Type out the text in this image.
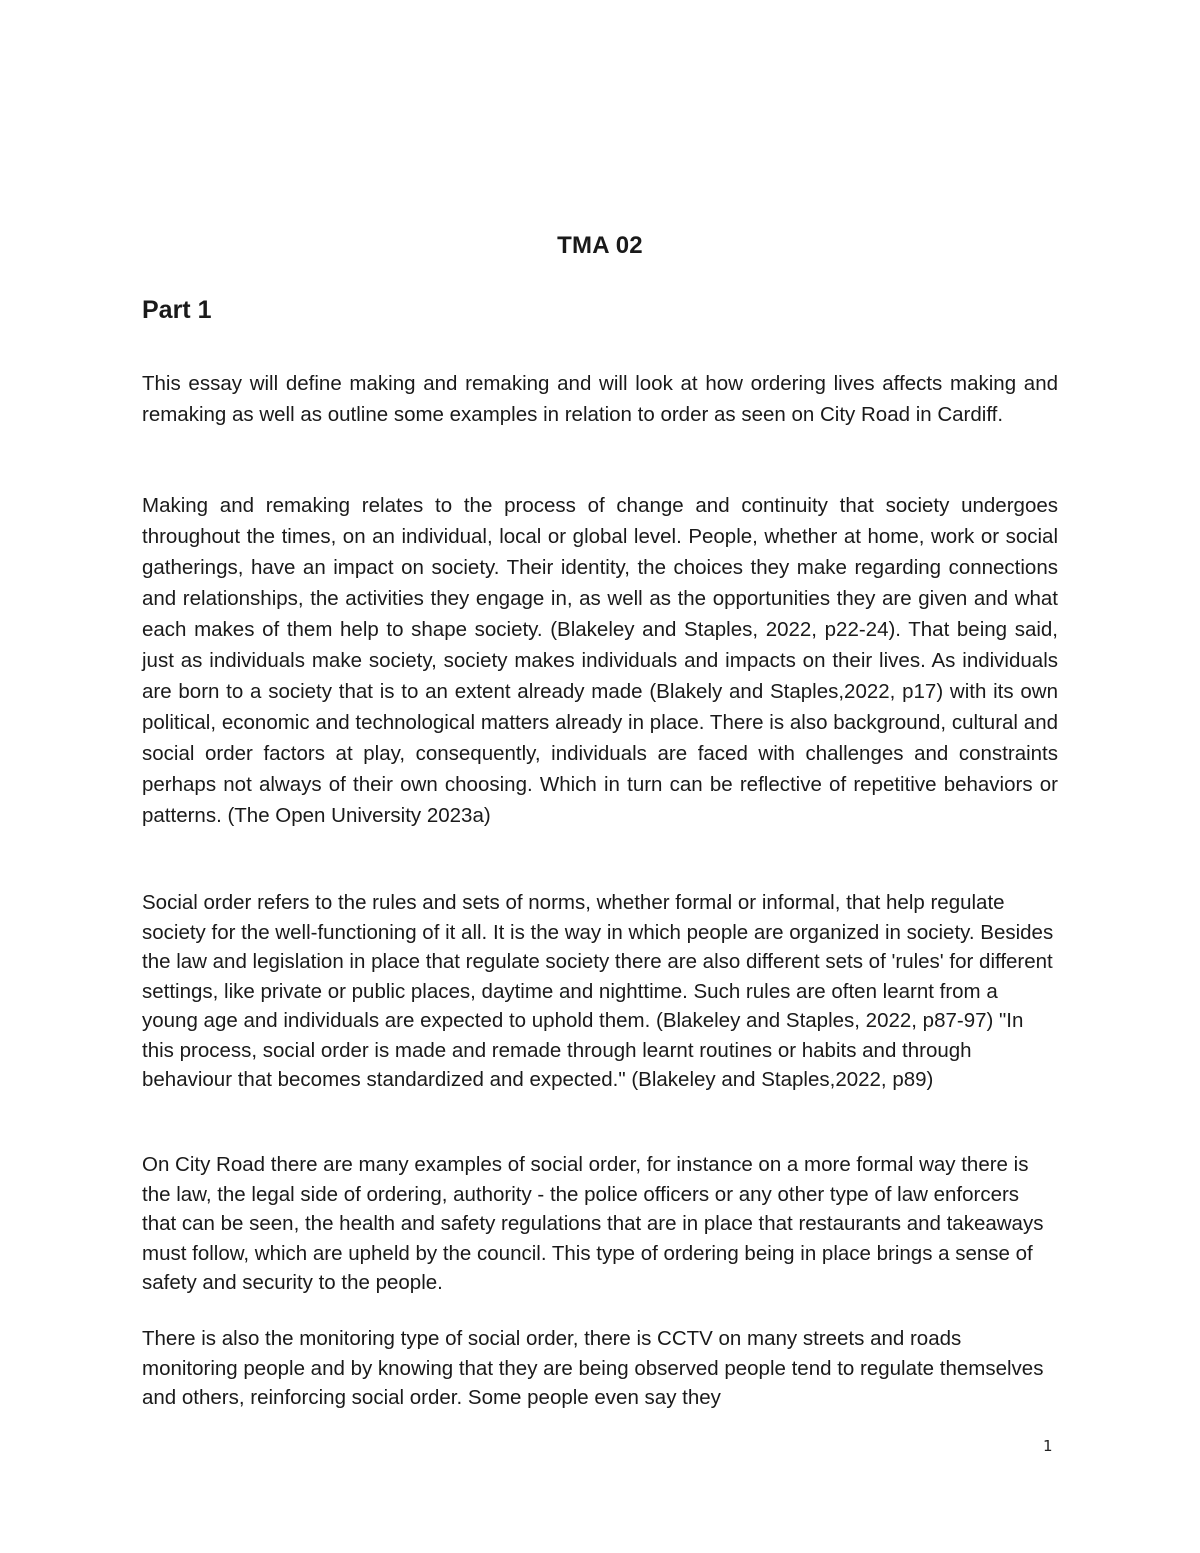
TMA 02
Part 1

This essay will define making and remaking and will look at how ordering lives affects making and remaking as well as outline some examples in relation to order as seen on City Road in Cardiff.

Making and remaking relates to the process of change and continuity that society undergoes throughout the times, on an individual, local or global level. People, whether at home, work or social gatherings, have an impact on society. Their identity, the choices they make regarding connections and relationships, the activities they engage in, as well as the opportunities they are given and what each makes of them help to shape society. (Blakeley and Staples, 2022, p22-24). That being said, just as individuals make society, society makes individuals and impacts on their lives. As individuals are born to a society that is to an extent already made (Blakely and Staples,2022, p17) with its own political, economic and technological matters already in place. There is also background, cultural and social order factors at play, consequently, individuals are faced with challenges and constraints perhaps not always of their own choosing. Which in turn can be reflective of repetitive behaviors or patterns. (The Open University 2023a)

Social order refers to the rules and sets of norms, whether formal or informal, that help regulate society for the well-functioning of it all. It is the way in which people are organized in society. Besides the law and legislation in place that regulate society there are also different sets of 'rules' for different settings, like private or public places, daytime and nighttime. Such rules are often learnt from a young age and individuals are expected to uphold them. (Blakeley and Staples, 2022, p87-97) "In this process, social order is made and remade through learnt routines or habits and through behaviour that becomes standardized and expected." (Blakeley and Staples,2022, p89)

On City Road there are many examples of social order, for instance on a more formal way there is the law, the legal side of ordering, authority - the police officers or any other type of law enforcers that can be seen, the health and safety regulations that are in place that restaurants and takeaways must follow, which are upheld by the council. This type of ordering being in place brings a sense of safety and security to the people.

There is also the monitoring type of social order, there is CCTV on many streets and roads monitoring people and by knowing that they are being observed people tend to regulate themselves and others, reinforcing social order. Some people even say they

1
